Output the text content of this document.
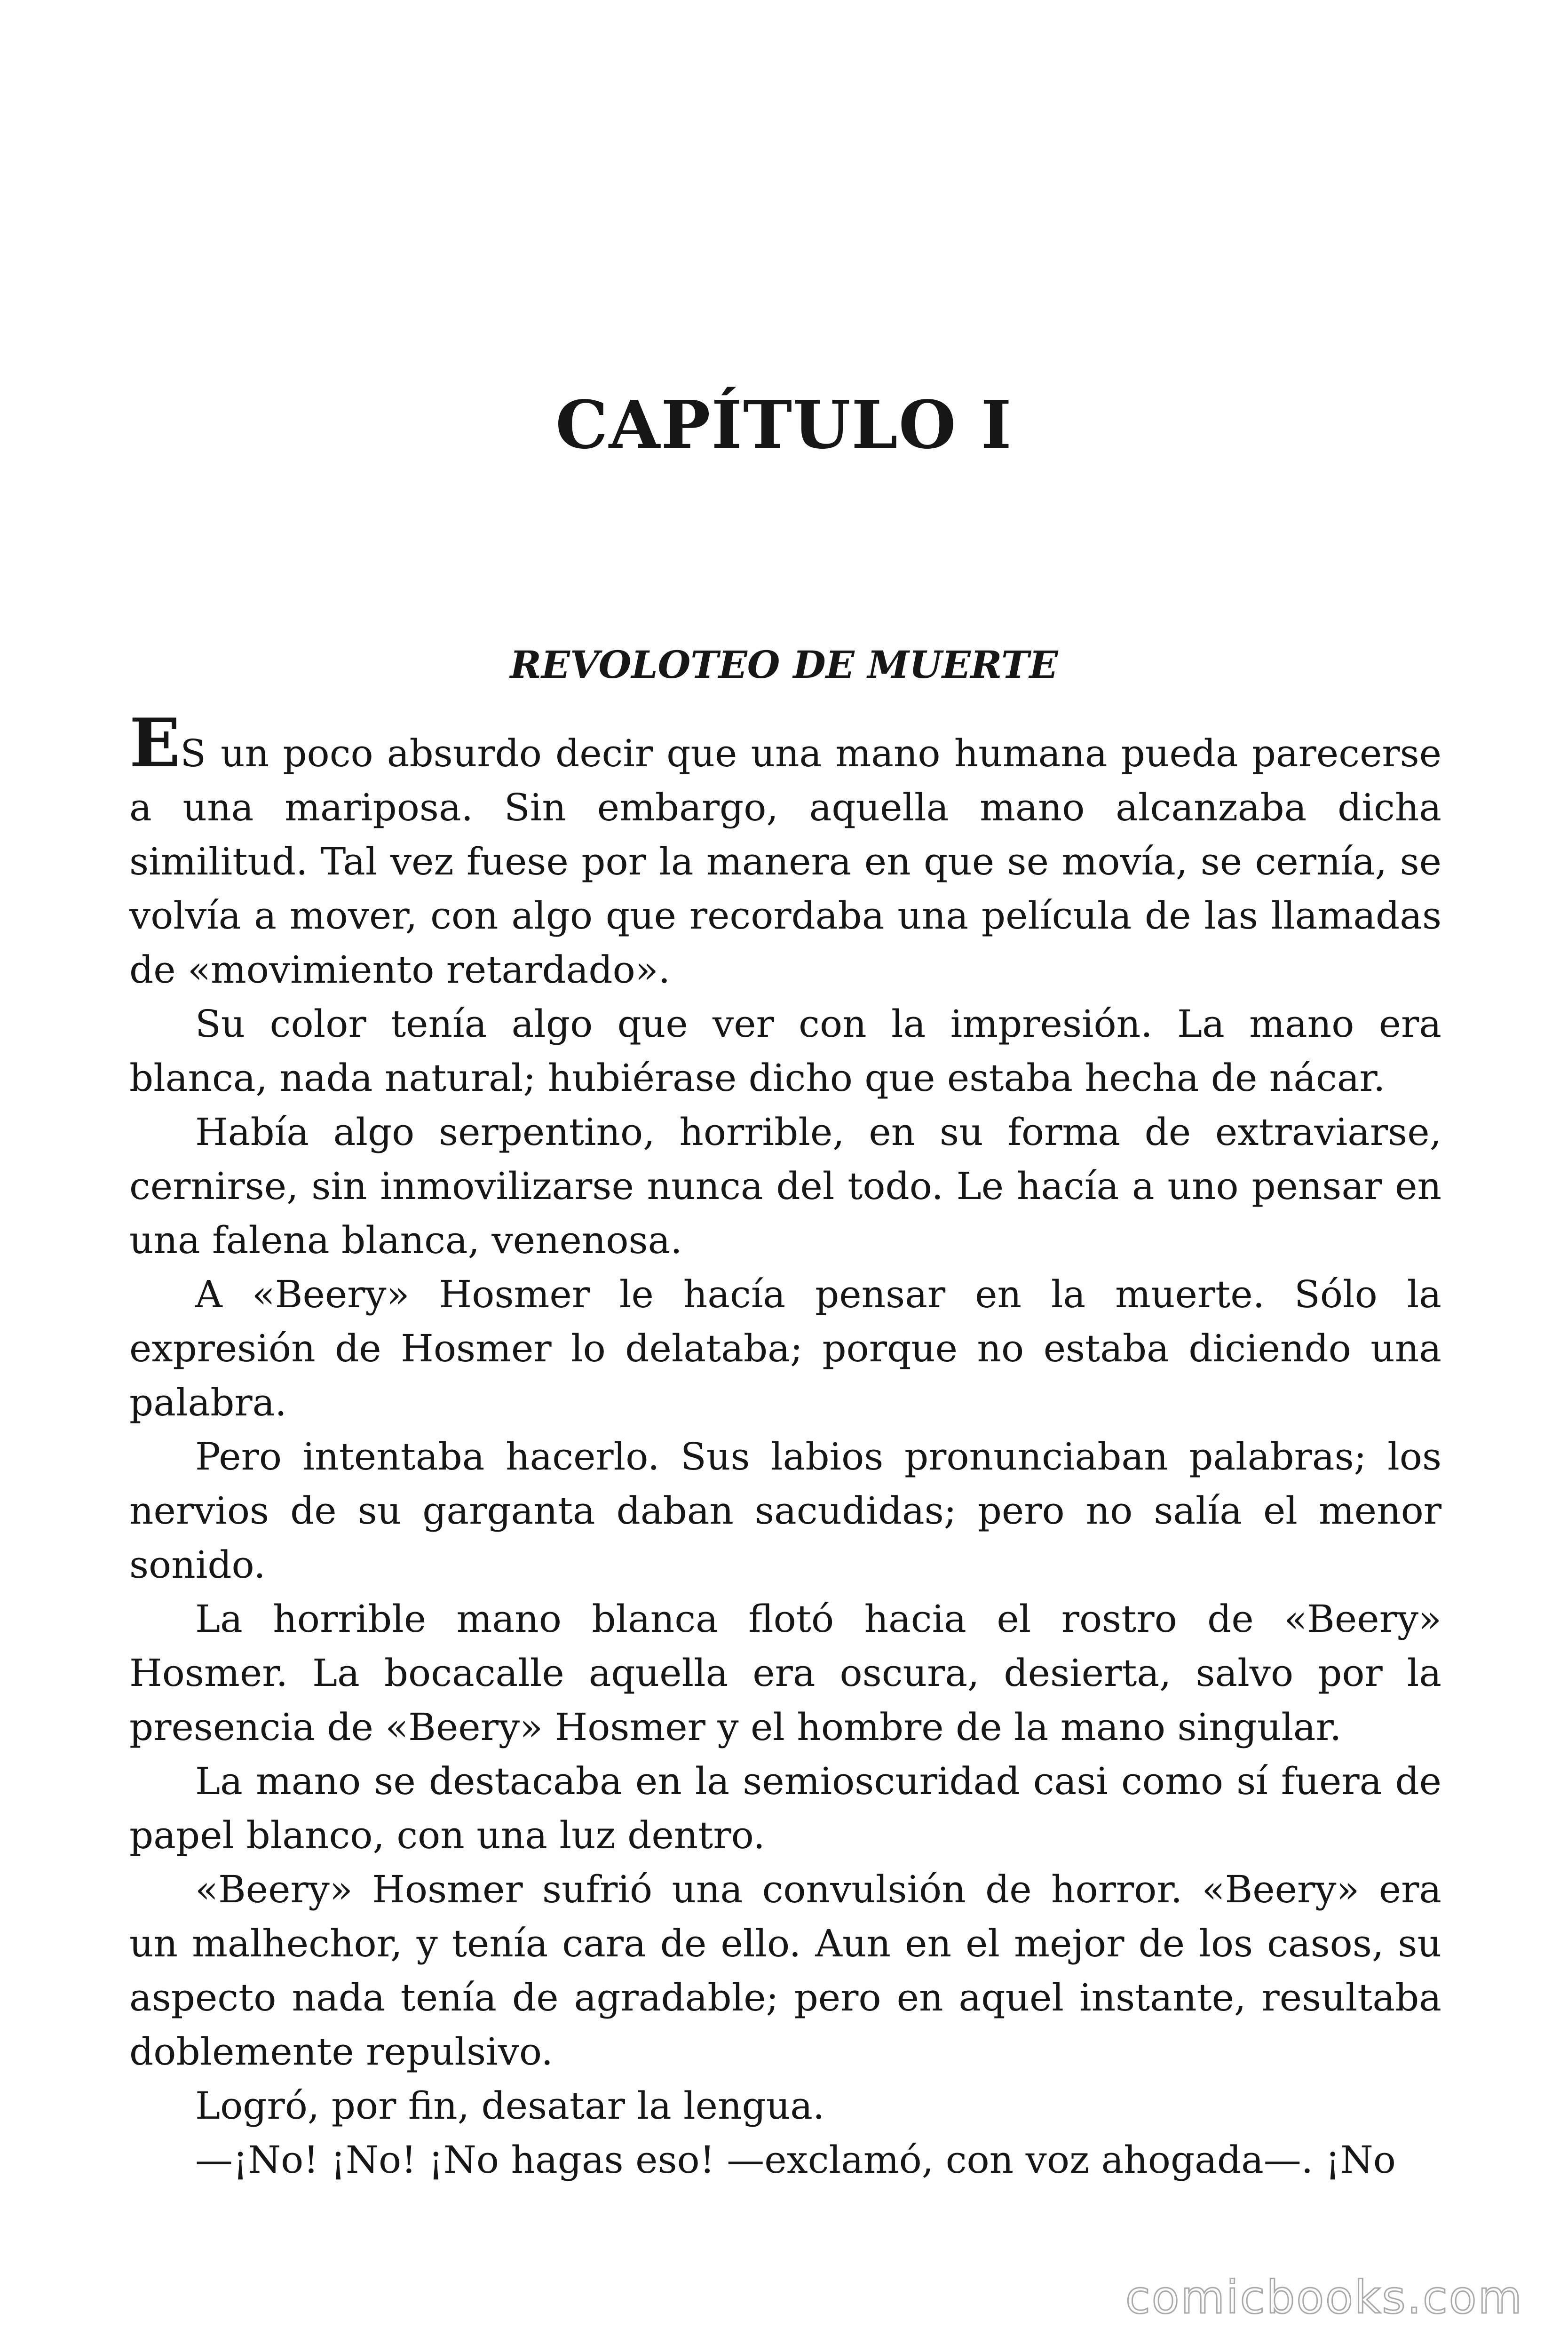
CAPÍTULO I
REVOLOTEO DE MUERTE

ES un poco absurdo decir que una mano humana pueda parecerse a una mariposa. Sin embargo, aquella mano alcanzaba dicha similitud. Tal vez fuese por la manera en que se movía, se cernía, se volvía a mover, con algo que recordaba una película de las llamadas de «movimiento retardado».

Su color tenía algo que ver con la impresión. La mano era blanca, nada natural; hubiérase dicho que estaba hecha de nácar.

Había algo serpentino, horrible, en su forma de extraviarse, cernirse, sin inmovilizarse nunca del todo. Le hacía a uno pensar en una falena blanca, venenosa.

A «Beery» Hosmer le hacía pensar en la muerte. Sólo la expresión de Hosmer lo delataba; porque no estaba diciendo una palabra.

Pero intentaba hacerlo. Sus labios pronunciaban palabras; los nervios de su garganta daban sacudidas; pero no salía el menor sonido.

La horrible mano blanca flotó hacia el rostro de «Beery» Hosmer. La bocacalle aquella era oscura, desierta, salvo por la presencia de «Beery» Hosmer y el hombre de la mano singular.

La mano se destacaba en la semioscuridad casi como sí fuera de papel blanco, con una luz dentro.

«Beery» Hosmer sufrió una convulsión de horror. «Beery» era un malhechor, y tenía cara de ello. Aun en el mejor de los casos, su aspecto nada tenía de agradable; pero en aquel instante, resultaba doblemente repulsivo.

Logró, por fin, desatar la lengua.

—¡No! ¡No! ¡No hagas eso! —exclamó, con voz ahogada—. ¡No

comicbooks.com
